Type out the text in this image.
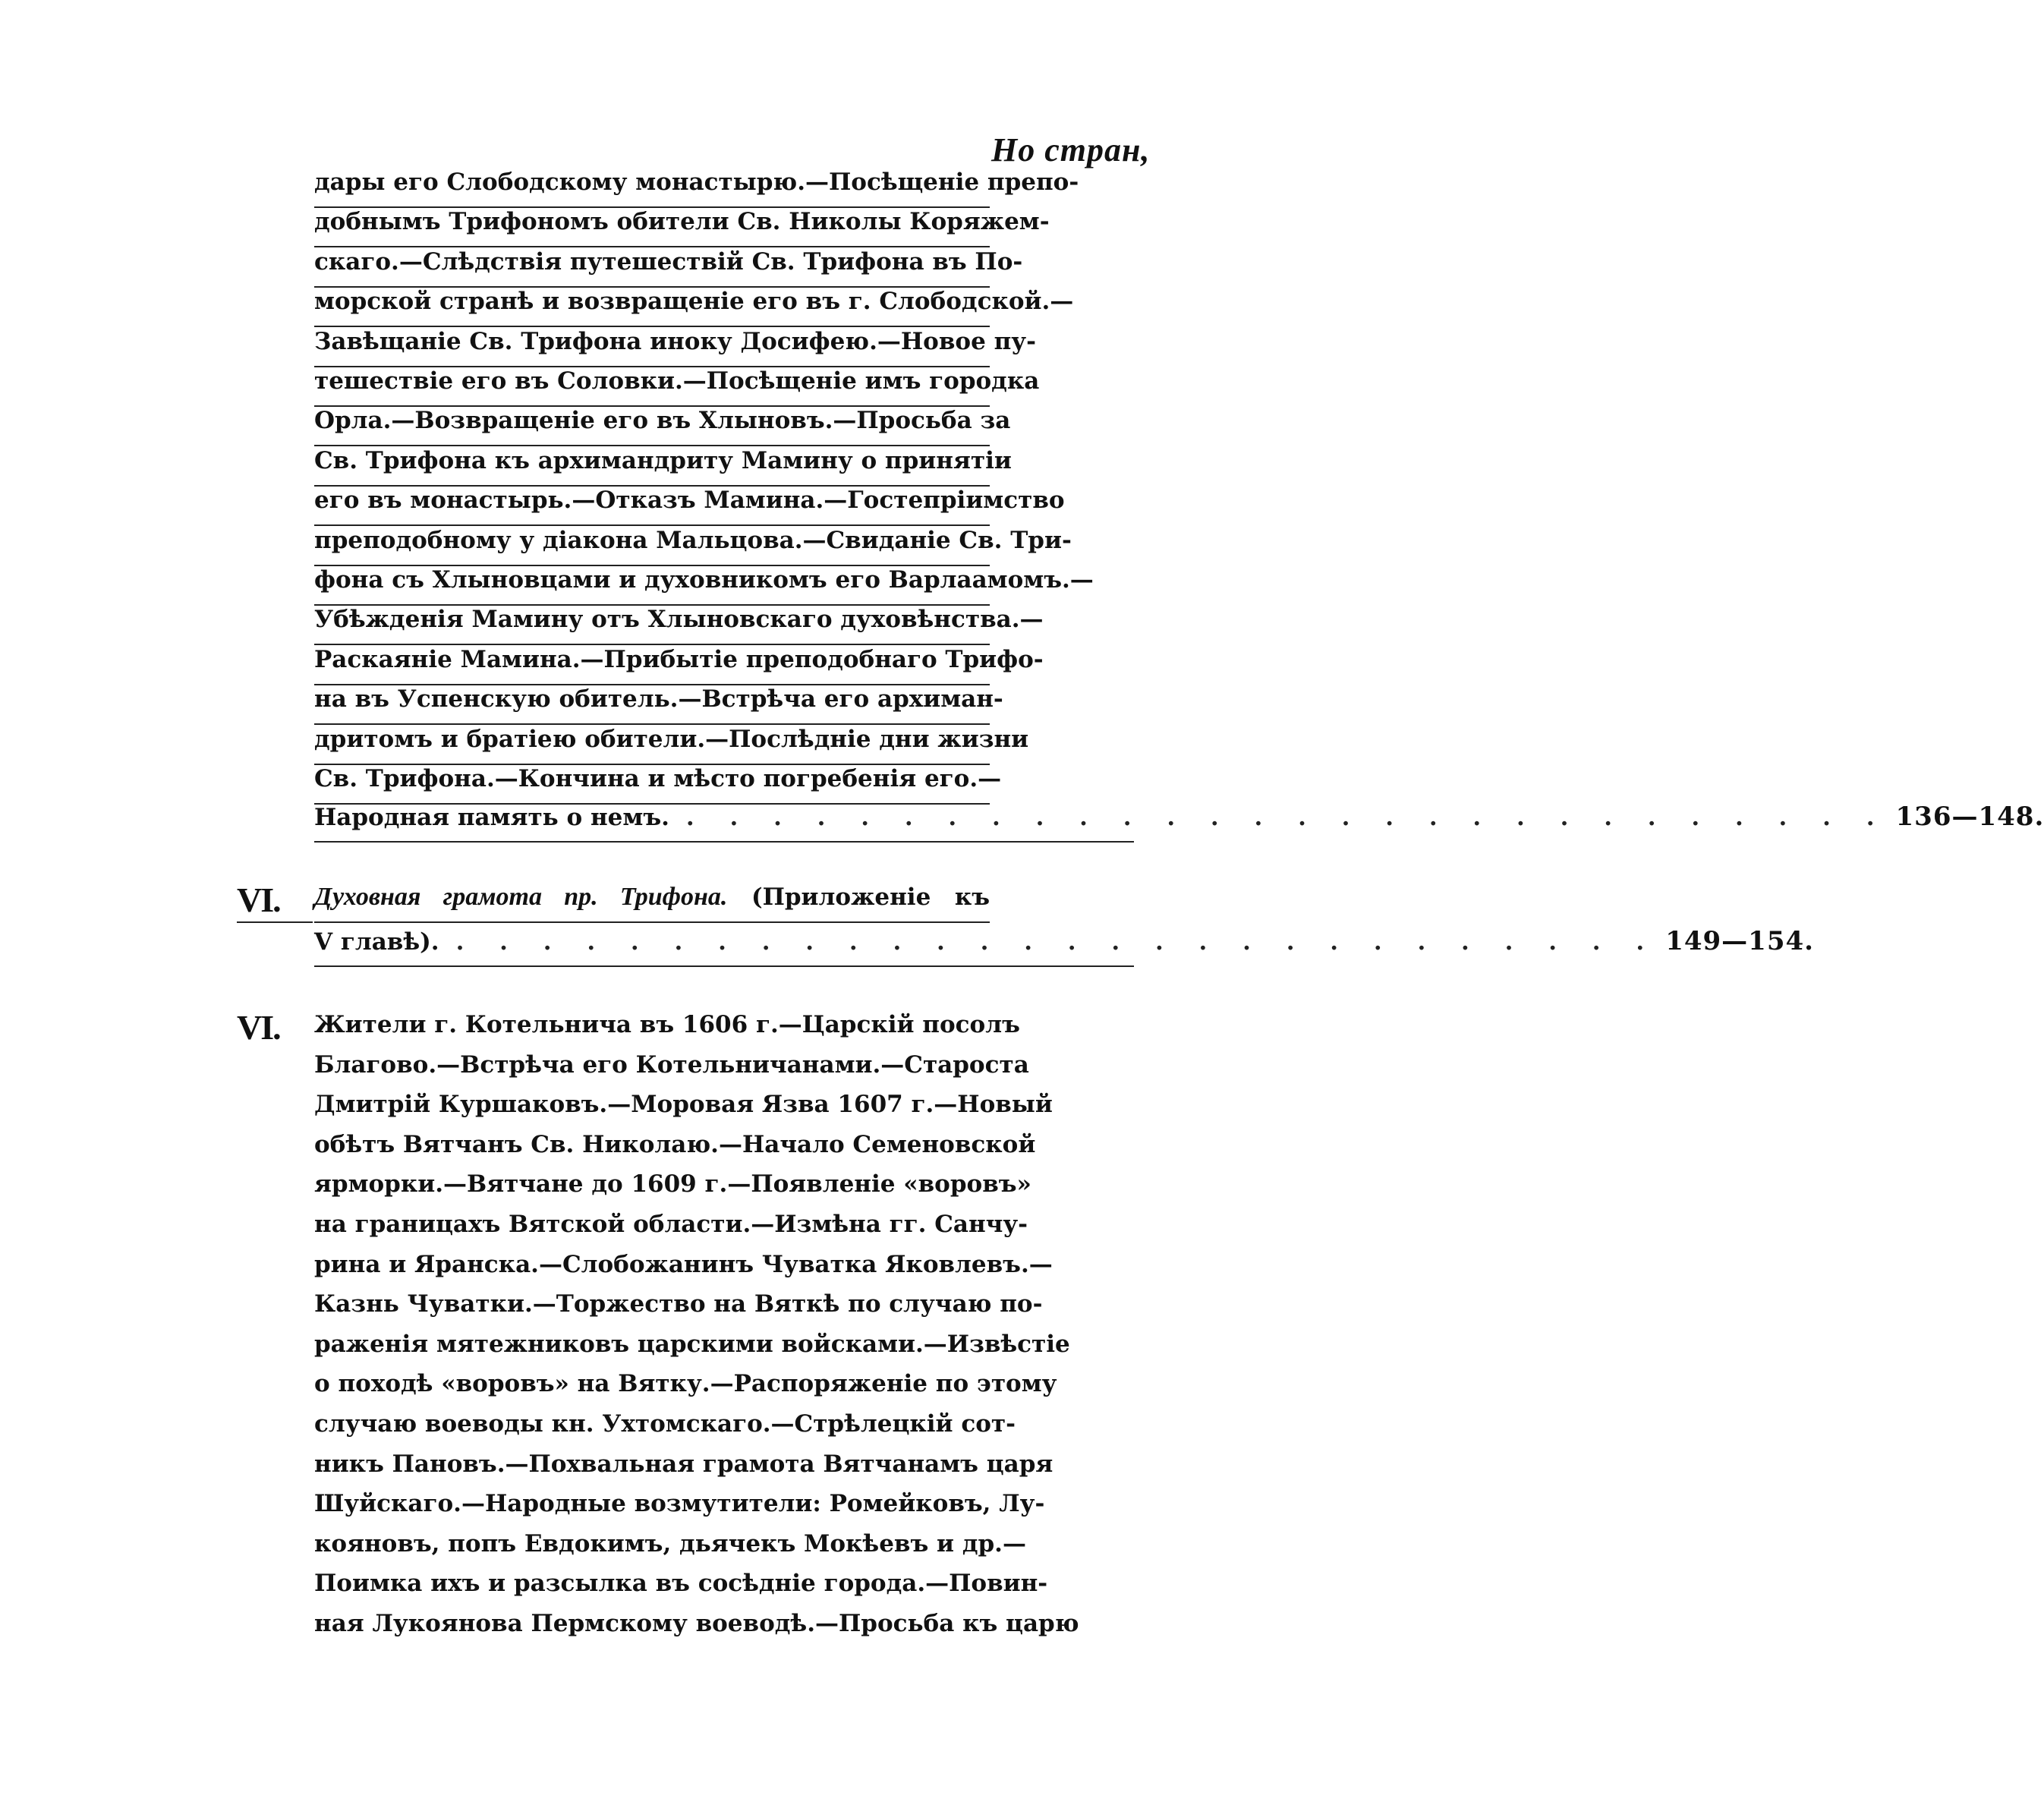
Но стран,
дары его Слободскому монастырю.—Посѣщеніе препо-
добнымъ Трифономъ обители Св. Николы Коряжем-
скаго.—Слѣдствія путешествій Св. Трифона въ По-
морской странѣ и возвращеніе его въ г. Слободской.—
Завѣщаніе Св. Трифона иноку Досифею.—Новое пу-
тешествіе его въ Соловки.—Посѣщеніе имъ городка
Орла.—Возвращеніе его въ Хлыновъ.—Просьба за
Св. Трифона къ архимандриту Мамину о принятіи
его въ монастырь.—Отказъ Мамина.—Гостепріимство
преподобному у діакона Мальцова.—Свиданіе Св. Три-
фона съ Хлыновцами и духовникомъ его Варлаамомъ.—
Убѣжденія Мамину отъ Хлыновскаго духовѣнства.—
Раскаяніе Мамина.—Прибытіе преподобнаго Трифо-
на въ Успенскую обитель.—Встрѣча его архиман-
дритомъ и братіею обители.—Послѣдніе дни жизни
Св. Трифона.—Кончина и мѣсто погребенія его.—
Народная память о немъ. . . . . . . . . . . . . . . . . . . . . . . . . . . . . 136—148.
VI. Духовная грамота пр. Трифона. (Приложеніе къ
V главѣ). . . . . . . . . . . . . . . . . . . . . . . . . . . . . 149—154.
VI. Жители г. Котельнича въ 1606 г.—Царскій посолъ
Благово.—Встрѣча его Котельничанами.—Староста
Дмитрій Куршаковъ.—Моровая Язва 1607 г.—Новый
обѣтъ Вятчанъ Св. Николаю.—Начало Семеновской
ярморки.—Вятчане до 1609 г.—Появленіе «воровъ»
на границахъ Вятской области.—Измѣна гг. Санчу-
рина и Яранска.—Слобожанинъ Чуватка Яковлевъ.—
Казнь Чуватки.—Торжество на Вяткѣ по случаю по-
раженія мятежниковъ царскими войсками.—Извѣстіе
о походѣ «воровъ» на Вятку.—Распоряженіе по этому
случаю воеводы кн. Ухтомскаго.—Стрѣлецкій сот-
никъ Пановъ.—Похвальная грамота Вятчанамъ царя
Шуйскаго.—Народные возмутители: Ромейковъ, Лу-
кояновъ, попъ Евдокимъ, дьячекъ Мокѣевъ и др.—
Поимка ихъ и разсылка въ сосѣдніе города.—Повин-
ная Лукоянова Пермскому воеводѣ.—Просьба къ царю
